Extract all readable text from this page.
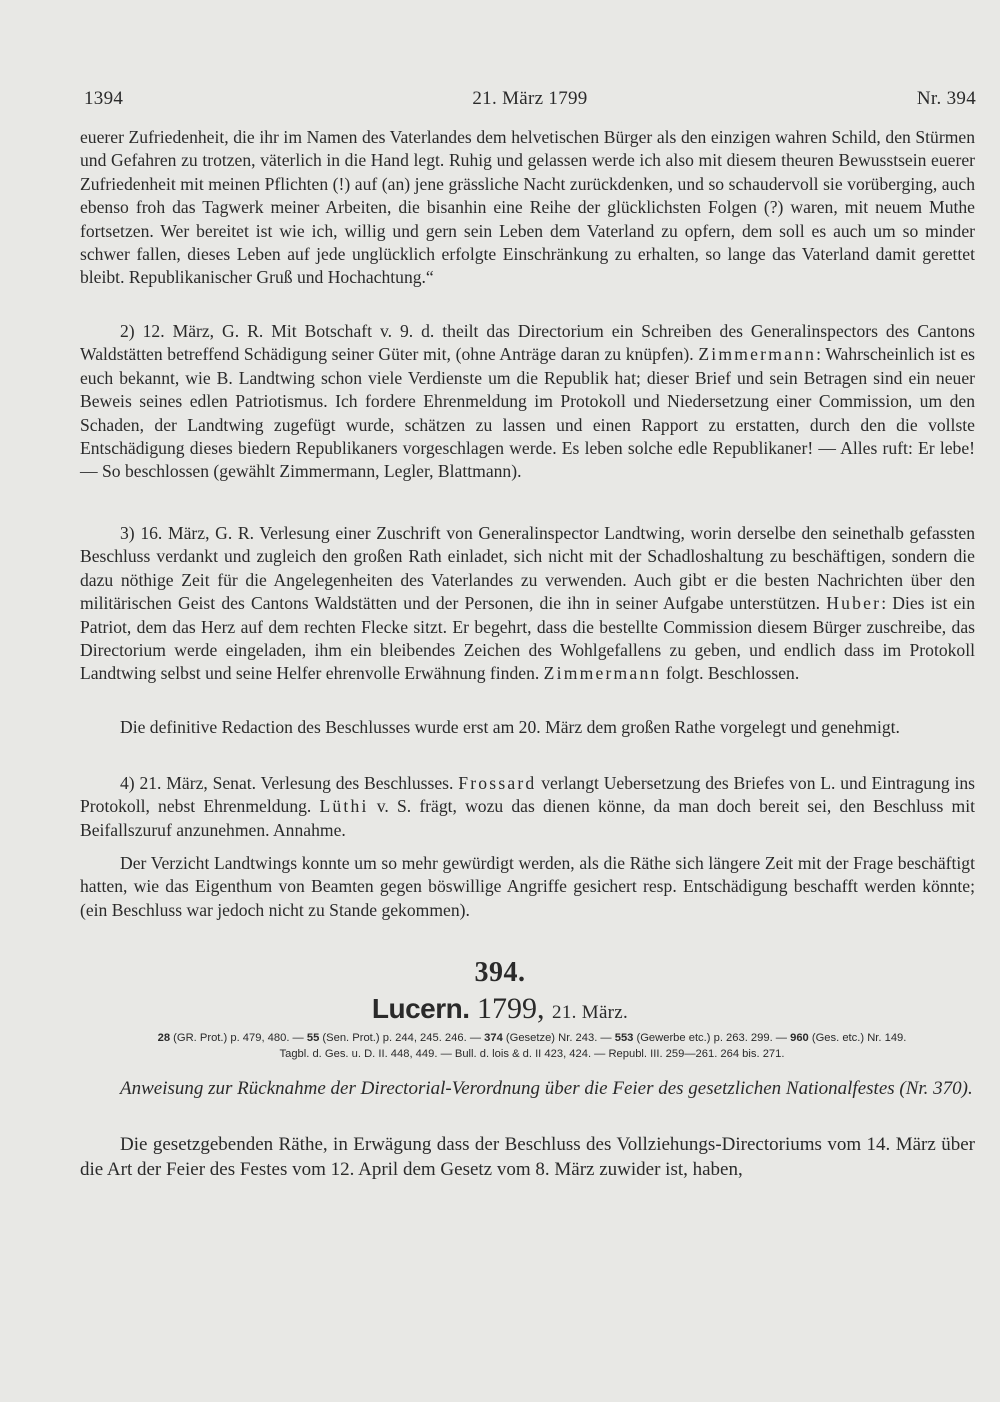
1394	21. März 1799	Nr. 394

euerer Zufriedenheit, die ihr im Namen des Vaterlandes dem helvetischen Bürger als den einzigen wahren Schild, den Stürmen und Gefahren zu trotzen, väterlich in die Hand legt. Ruhig und gelassen werde ich also mit diesem theuren Bewusstsein euerer Zufriedenheit mit meinen Pflichten (!) auf (an) jene grässliche Nacht zurückdenken, und so schaudervoll sie vorüberging, auch ebenso froh das Tagwerk meiner Arbeiten, die bisanhin eine Reihe der glücklichsten Folgen (?) waren, mit neuem Muthe fortsetzen. Wer bereitet ist wie ich, willig und gern sein Leben dem Vaterland zu opfern, dem soll es auch um so minder schwer fallen, dieses Leben auf jede unglücklich erfolgte Einschränkung zu erhalten, so lange das Vaterland damit gerettet bleibt. Republikanischer Gruß und Hochachtung.“

2) 12. März, G. R. Mit Botschaft v. 9. d. theilt das Directorium ein Schreiben des Generalinspectors des Cantons Waldstätten betreffend Schädigung seiner Güter mit, (ohne Anträge daran zu knüpfen). Zimmermann: Wahrscheinlich ist es euch bekannt, wie B. Landtwing schon viele Verdienste um die Republik hat; dieser Brief und sein Betragen sind ein neuer Beweis seines edlen Patriotismus. Ich fordere Ehrenmeldung im Protokoll und Niedersetzung einer Commission, um den Schaden, der Landtwing zugefügt wurde, schätzen zu lassen und einen Rapport zu erstatten, durch den die vollste Entschädigung dieses biedern Republikaners vorgeschlagen werde. Es leben solche edle Republikaner! — Alles ruft: Er lebe! — So beschlossen (gewählt Zimmermann, Legler, Blattmann).

3) 16. März, G. R. Verlesung einer Zuschrift von Generalinspector Landtwing, worin derselbe den seinethalb gefassten Beschluss verdankt und zugleich den großen Rath einladet, sich nicht mit der Schadloshaltung zu beschäftigen, sondern die dazu nöthige Zeit für die Angelegenheiten des Vaterlandes zu verwenden. Auch gibt er die besten Nachrichten über den militärischen Geist des Cantons Waldstätten und der Personen, die ihn in seiner Aufgabe unterstützen. Huber: Dies ist ein Patriot, dem das Herz auf dem rechten Flecke sitzt. Er begehrt, dass die bestellte Commission diesem Bürger zuschreibe, das Directorium werde eingeladen, ihm ein bleibendes Zeichen des Wohlgefallens zu geben, und endlich dass im Protokoll Landtwing selbst und seine Helfer ehrenvolle Erwähnung finden. Zimmermann folgt. Beschlossen.

Die definitive Redaction des Beschlusses wurde erst am 20. März dem großen Rathe vorgelegt und genehmigt.

4) 21. März, Senat. Verlesung des Beschlusses. Frossard verlangt Uebersetzung des Briefes von L. und Eintragung ins Protokoll, nebst Ehrenmeldung. Lüthi v. S. frägt, wozu das dienen könne, da man doch bereit sei, den Beschluss mit Beifallszuruf anzunehmen. Annahme.

Der Verzicht Landtwings konnte um so mehr gewürdigt werden, als die Räthe sich längere Zeit mit der Frage beschäftigt hatten, wie das Eigenthum von Beamten gegen böswillige Angriffe gesichert resp. Entschädigung beschafft werden könnte; (ein Beschluss war jedoch nicht zu Stande gekommen).

394.
Lucern. 1799, 21. März.
28 (GR. Prot.) p. 479, 480. — 55 (Sen. Prot.) p. 244, 245. 246. — 374 (Gesetze) Nr. 243. — 553 (Gewerbe etc.) p. 263. 299. — 960 (Ges. etc.) Nr. 149.
Tagbl. d. Ges. u. D. II. 448, 449. — Bull. d. lois & d. II 423, 424. — Republ. III. 259—261. 264 bis. 271.
Anweisung zur Rücknahme der Directorial-Verordnung über die Feier des gesetzlichen Nationalfestes (Nr. 370).
Die gesetzgebenden Räthe, in Erwägung dass der Beschluss des Vollziehungs-Directoriums vom 14. März über die Art der Feier des Festes vom 12. April dem Gesetz vom 8. März zuwider ist, haben,
